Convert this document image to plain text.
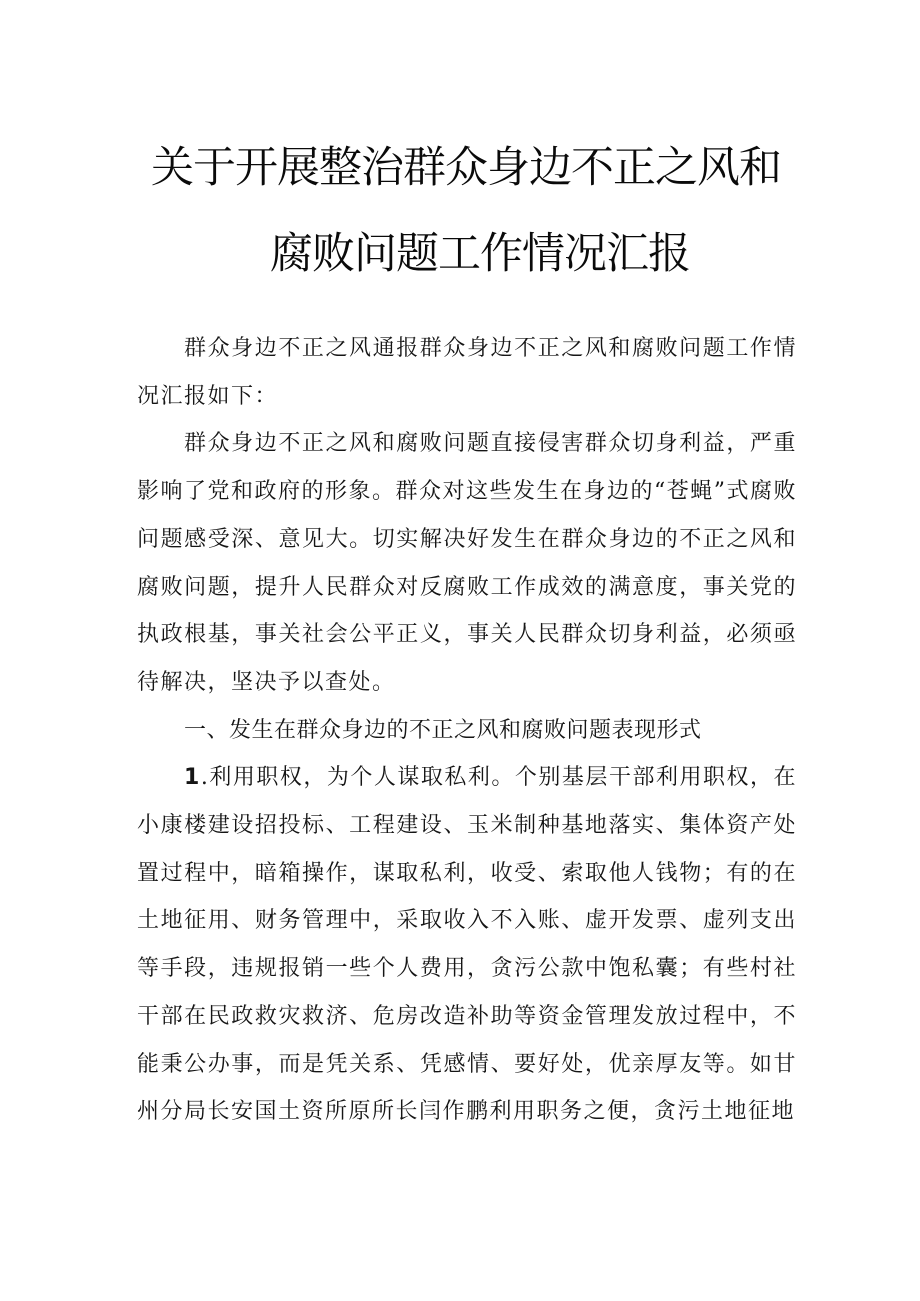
关于开展整治群众身边不正之风和
腐败问题工作情况汇报

群众身边不正之风通报群众身边不正之风和腐败问题工作情况汇报如下：

群众身边不正之风和腐败问题直接侵害群众切身利益，严重影响了党和政府的形象。群众对这些发生在身边的“苍蝇”式腐败问题感受深、意见大。切实解决好发生在群众身边的不正之风和腐败问题，提升人民群众对反腐败工作成效的满意度，事关党的执政根基，事关社会公平正义，事关人民群众切身利益，必须亟待解决，坚决予以查处。

一、发生在群众身边的不正之风和腐败问题表现形式

1.利用职权，为个人谋取私利。个别基层干部利用职权，在小康楼建设招投标、工程建设、玉米制种基地落实、集体资产处置过程中，暗箱操作，谋取私利，收受、索取他人钱物；有的在土地征用、财务管理中，采取收入不入账、虚开发票、虚列支出等手段，违规报销一些个人费用，贪污公款中饱私囊；有些村社干部在民政救灾救济、危房改造补助等资金管理发放过程中，不能秉公办事，而是凭关系、凭感情、要好处，优亲厚友等。如甘州分局长安国土资所原所长闫作鹏利用职务之便，贪污土地征地
